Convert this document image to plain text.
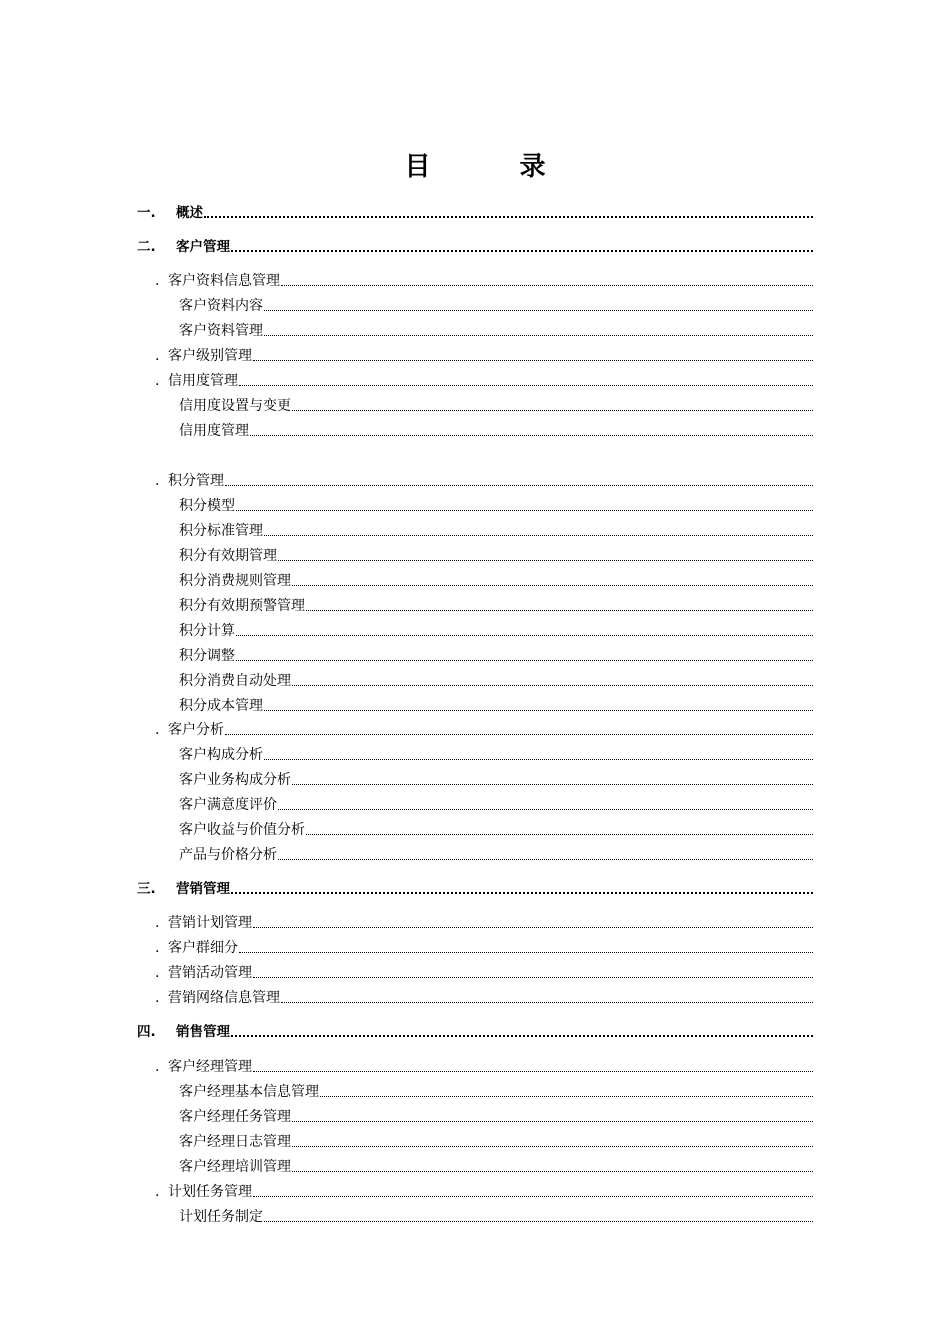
目 录
一.	概述
二.	客户管理
. 客户资料信息管理
客户资料内容
客户资料管理
. 客户级别管理
. 信用度管理
信用度设置与变更
信用度管理
. 积分管理
积分模型
积分标准管理
积分有效期管理
积分消费规则管理
积分有效期预警管理
积分计算
积分调整
积分消费自动处理
积分成本管理
. 客户分析
客户构成分析
客户业务构成分析
客户满意度评价
客户收益与价值分析
产品与价格分析
三.	营销管理
. 营销计划管理
. 客户群细分
. 营销活动管理
. 营销网络信息管理
四.	销售管理
. 客户经理管理
客户经理基本信息管理
客户经理任务管理
客户经理日志管理
客户经理培训管理
. 计划任务管理
计划任务制定
